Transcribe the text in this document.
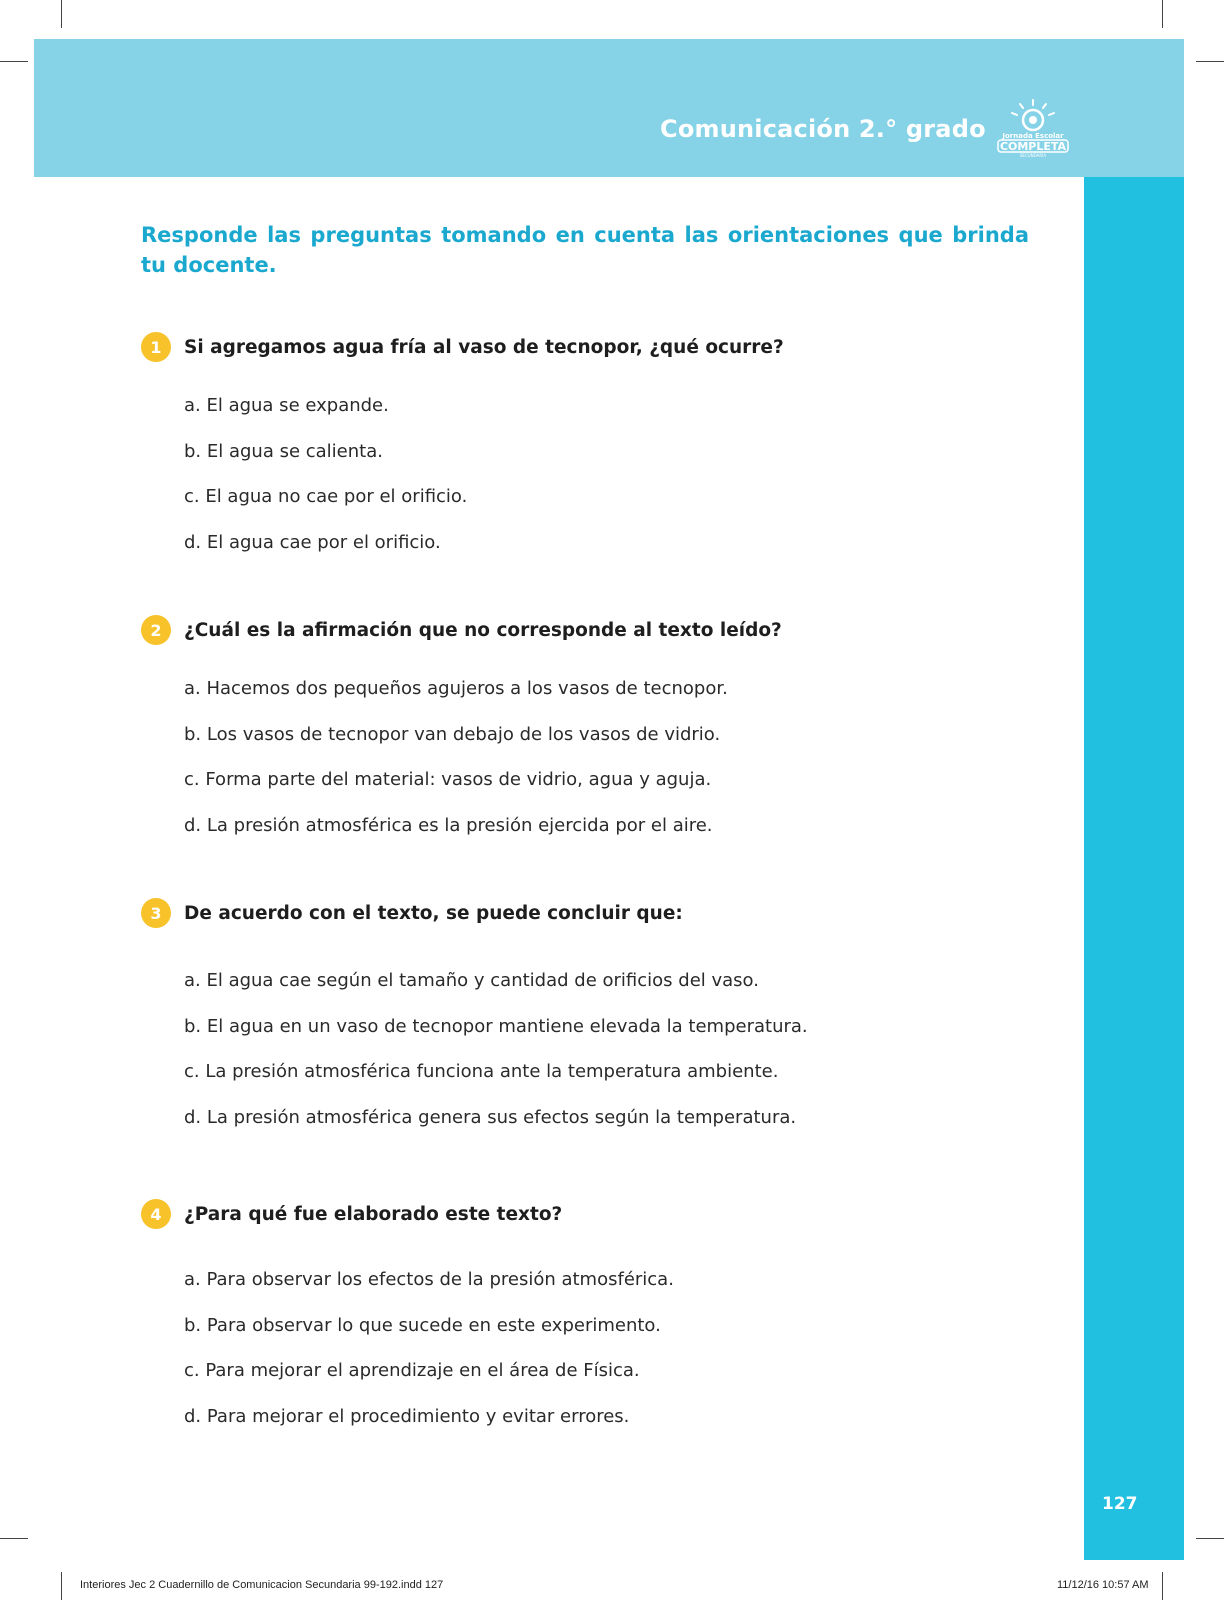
Comunicación 2.° grado Jornada Escolar
COMPLETA
SECUNDARIA
127
Responde las preguntas tomando en cuenta las orientaciones que brinda tu docente.
1	Si agregamos agua fría al vaso de tecnopor, ¿qué ocurre?
a. El agua se expande.
b. El agua se calienta.
c. El agua no cae por el orificio.
d. El agua cae por el orificio.
2	¿Cuál es la afirmación que no corresponde al texto leído?
a. Hacemos dos pequeños agujeros a los vasos de tecnopor.
b. Los vasos de tecnopor van debajo de los vasos de vidrio.
c. Forma parte del material: vasos de vidrio, agua y aguja.
d. La presión atmosférica es la presión ejercida por el aire.
3	De acuerdo con el texto, se puede concluir que:
a. El agua cae según el tamaño y cantidad de orificios del vaso.
b. El agua en un vaso de tecnopor mantiene elevada la temperatura.
c. La presión atmosférica funciona ante la temperatura ambiente.
d. La presión atmosférica genera sus efectos según la temperatura.
4	¿Para qué fue elaborado este texto?
a. Para observar los efectos de la presión atmosférica.
b. Para observar lo que sucede en este experimento.
c. Para mejorar el aprendizaje en el área de Física.
d. Para mejorar el procedimiento y evitar errores.
Interiores Jec 2 Cuadernillo de Comunicacion Secundaria 99-192.indd 127	11/12/16 10:57 AM
